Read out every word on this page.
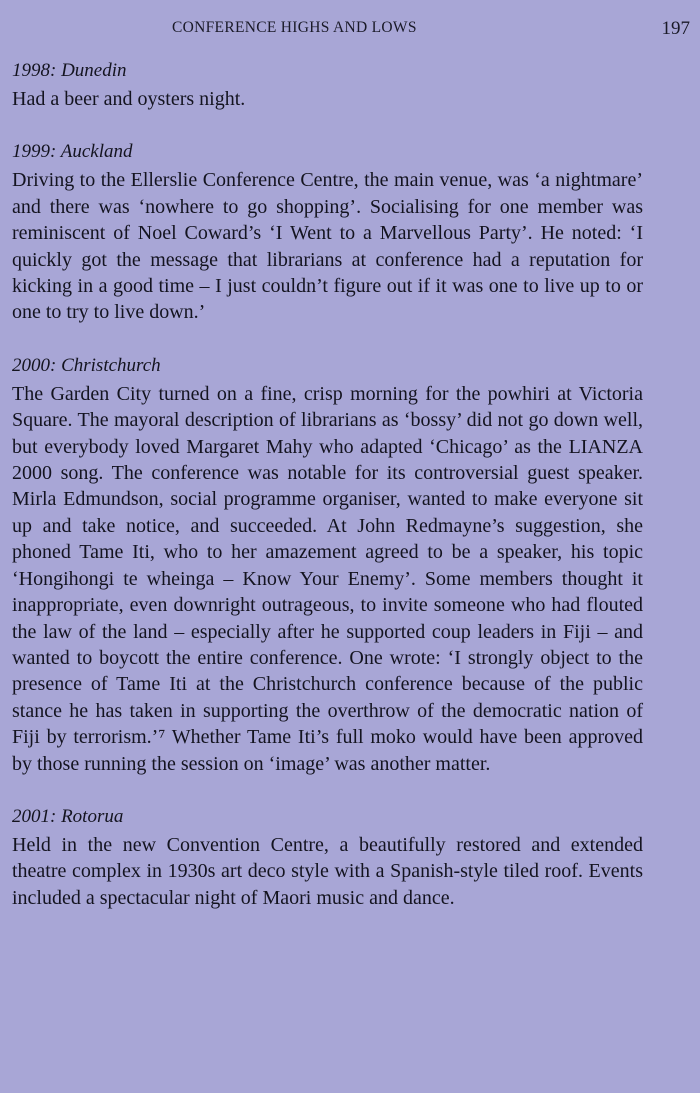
CONFERENCE HIGHS AND LOWS	197
1998: Dunedin

Had a beer and oysters night.

1999: Auckland

Driving to the Ellerslie Conference Centre, the main venue, was ‘a nightmare’ and there was ‘nowhere to go shopping’. Socialising for one member was reminiscent of Noel Coward’s ‘I Went to a Marvellous Party’. He noted: ‘I quickly got the message that librarians at conference had a reputation for kicking in a good time – I just couldn’t figure out if it was one to live up to or one to try to live down.’

2000: Christchurch

The Garden City turned on a fine, crisp morning for the powhiri at Victoria Square. The mayoral description of librarians as ‘bossy’ did not go down well, but everybody loved Margaret Mahy who adapted ‘Chicago’ as the LIANZA 2000 song. The conference was notable for its controversial guest speaker. Mirla Edmundson, social programme organiser, wanted to make everyone sit up and take notice, and succeeded. At John Redmayne’s suggestion, she phoned Tame Iti, who to her amazement agreed to be a speaker, his topic ‘Hongihongi te wheinga – Know Your Enemy’. Some members thought it inappropriate, even downright outrageous, to invite someone who had flouted the law of the land – especially after he supported coup leaders in Fiji – and wanted to boycott the entire conference. One wrote: ‘I strongly object to the presence of Tame Iti at the Christchurch conference because of the public stance he has taken in supporting the overthrow of the democratic nation of Fiji by terrorism.’⁷ Whether Tame Iti’s full moko would have been approved by those running the session on ‘image’ was another matter.

2001: Rotorua

Held in the new Convention Centre, a beautifully restored and extended theatre complex in 1930s art deco style with a Spanish-style tiled roof. Events included a spectacular night of Maori music and dance.
